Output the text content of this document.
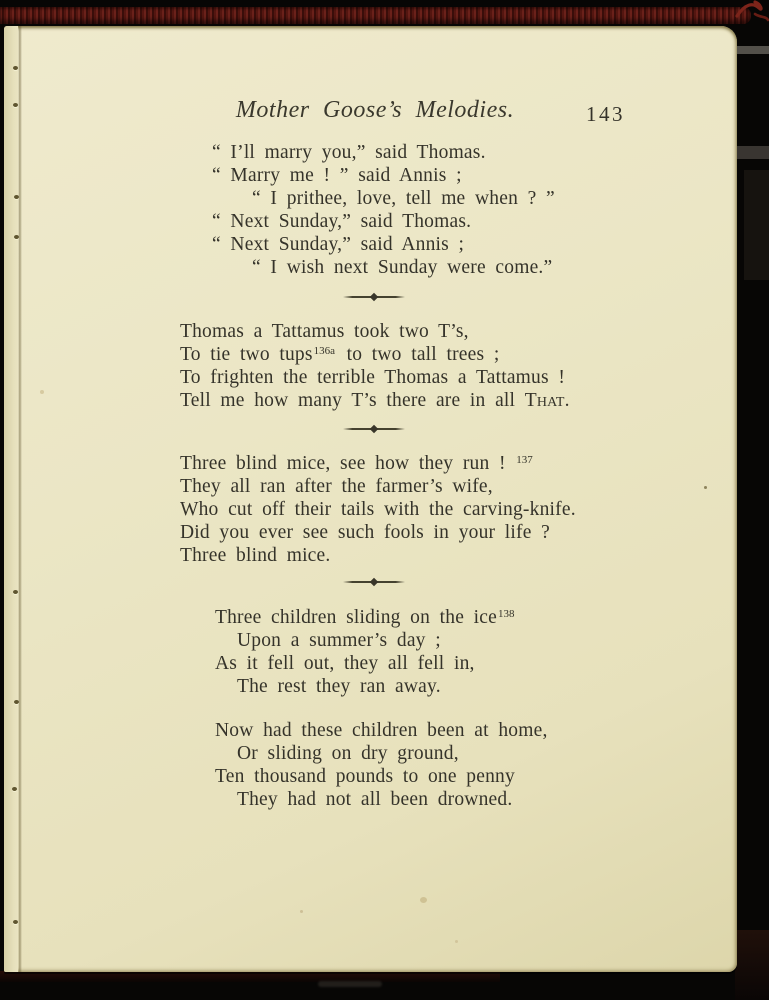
Mother Goose’s Melodies.	143
“ I’ll marry you,” said Thomas.
“ Marry me ! ” said Annis ;
“ I prithee, love, tell me when ? ”
“ Next Sunday,” said Thomas.
“ Next Sunday,” said Annis ;
“ I wish next Sunday were come.”
Thomas a Tattamus took two T’s,
To tie two tups$^{136a}$ to two tall trees ;
To frighten the terrible Thomas a Tattamus !
Tell me how many T’s there are in all That.
Three blind mice, see how they run ! $^{137}$
They all ran after the farmer’s wife,
Who cut off their tails with the carving-knife.
Did you ever see such fools in your life ?
Three blind mice.
Three children sliding on the ice$^{138}$
Upon a summer’s day ;
As it fell out, they all fell in,
The rest they ran away.
Now had these children been at home,
Or sliding on dry ground,
Ten thousand pounds to one penny
They had not all been drowned.
